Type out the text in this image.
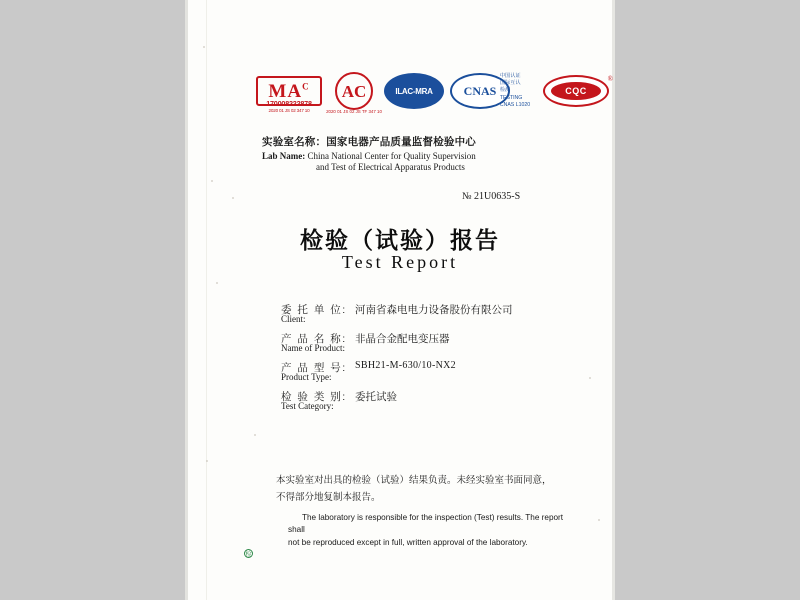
$MA^C$
170008222878
2020 01 JS 02 347 10
AC
2020 01 JS 02 JS TF 347 10
ILAC-MRA	CNAS
中国认证
国际互认
检测
TESTING
CNAS L1020
CQC
®
实验室名称：国家电器产品质量监督检验中心
Lab Name: China National Center for Quality Supervision
and Test of Electrical Apparatus Products
№ 21U0635-S
检验（试验）报告
Test Report
委 托 单 位:
Client:
河南省森电电力设备股份有限公司
产 品 名 称:
Name of Product:
非晶合金配电变压器
产 品 型 号:
Product Type:
SBH21-M-630/10-NX2
检 验 类 别:
Test Category:
委托试验
本实验室对出具的检验（试验）结果负责。未经实验室书面同意，
不得部分地复制本报告。
The laboratory is responsible for the inspection (Test) results. The report shall
not be reproduced except in full, written approval of the laboratory.
检
